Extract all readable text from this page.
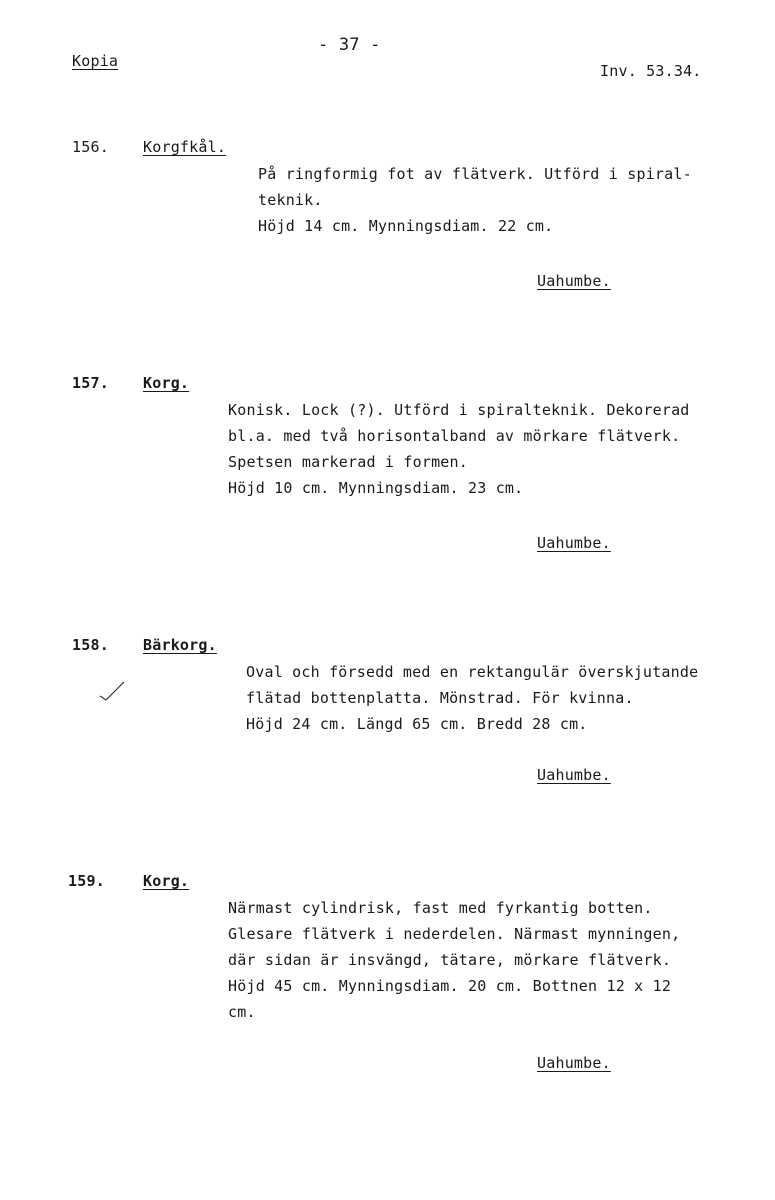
Kopia
- 37 -
Inv. 53.34.
156. Korgfkål.
På ringformig fot av flätverk. Utförd i spiral-
teknik.
Höjd 14 cm. Mynningsdiam. 22 cm.
Uahumbe.
157. Korg.
Konisk. Lock (?). Utförd i spiralteknik. Dekorerad
bl.a. med två horisontalband av mörkare flätverk.
Spetsen markerad i formen.
Höjd 10 cm. Mynningsdiam. 23 cm.
Uahumbe.
158. Bärkorg.
Oval och försedd med en rektangulär överskjutande
flätad bottenplatta. Mönstrad. För kvinna.
Höjd 24 cm. Längd 65 cm. Bredd 28 cm.
Uahumbe.
159.	Korg.
Närmast cylindrisk, fast med fyrkantig botten.
Glesare flätverk i nederdelen. Närmast mynningen,
där sidan är insvängd, tätare, mörkare flätverk.
Höjd 45 cm. Mynningsdiam. 20 cm. Bottnen 12 x 12
cm.
Uahumbe.
